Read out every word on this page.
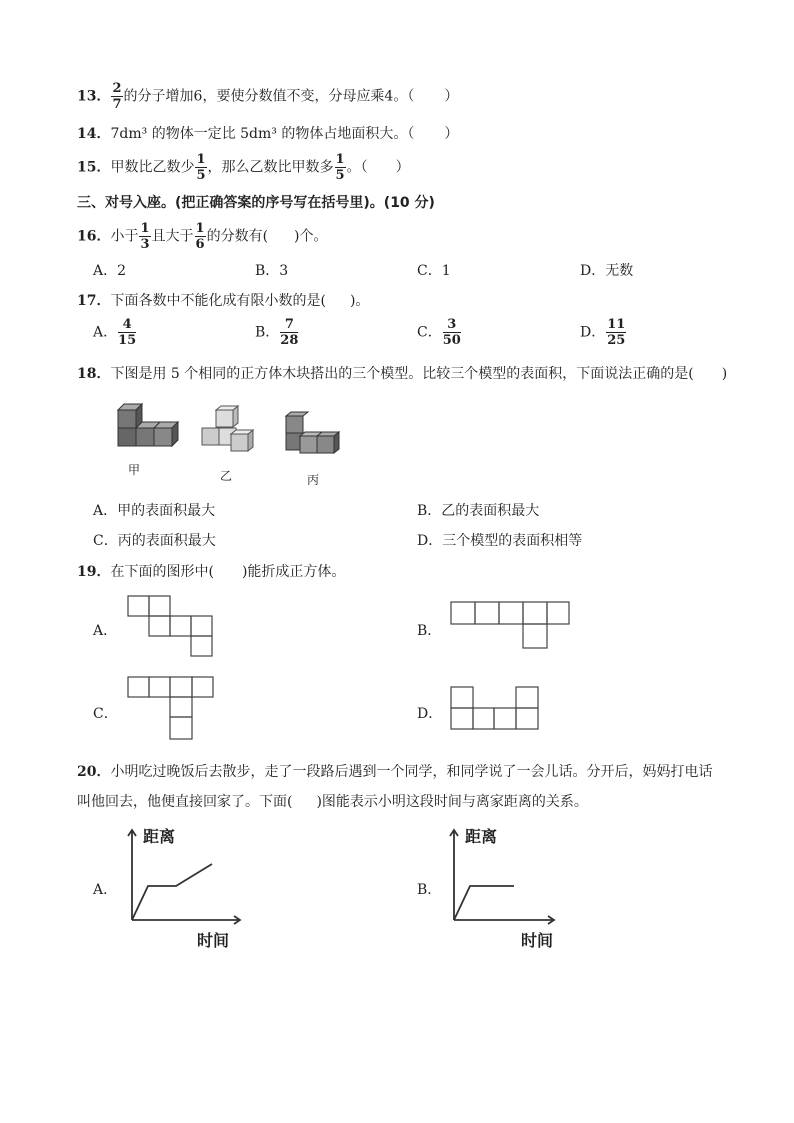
13． $\frac{2}{7}$ 的分子增加6，要使分数值不变，分母应乘4。（ ）
14．7dm³ 的物体一定比 5dm³ 的物体占地面积大。（ ）
15．甲数比乙数少 $\frac{1}{5}$ ，那么乙数比甲数多 $\frac{1}{5}$ 。（ ）
三、对号入座。(把正确答案的序号写在括号里)。(10 分)
16．小于 $\frac{1}{3}$ 且大于 $\frac{1}{6}$ 的分数有( )个。
A．2	B．3	C．1	D．无数
17．下面各数中不能化成有限小数的是( )。
A． $\frac{4}{15}$	B． $\frac{7}{28}$	C． $\frac{3}{50}$	D． $\frac{11}{25}$
18．下图是用 5 个相同的正方体木块搭出的三个模型。比较三个模型的表面积，下面说法正确的是( )
甲	乙	丙
A．甲的表面积最大	B．乙的表面积最大
C．丙的表面积最大	D．三个模型的表面积相等
19．在下面的图形中( )能折成正方体。
A．	B．
C．	D．
20．小明吃过晚饭后去散步，走了一段路后遇到一个同学，和同学说了一会儿话。分开后，妈妈打电话
叫他回去，他便直接回家了。下面( )图能表示小明这段时间与离家距离的关系。
A．
距离
时间
B．
距离
时间
